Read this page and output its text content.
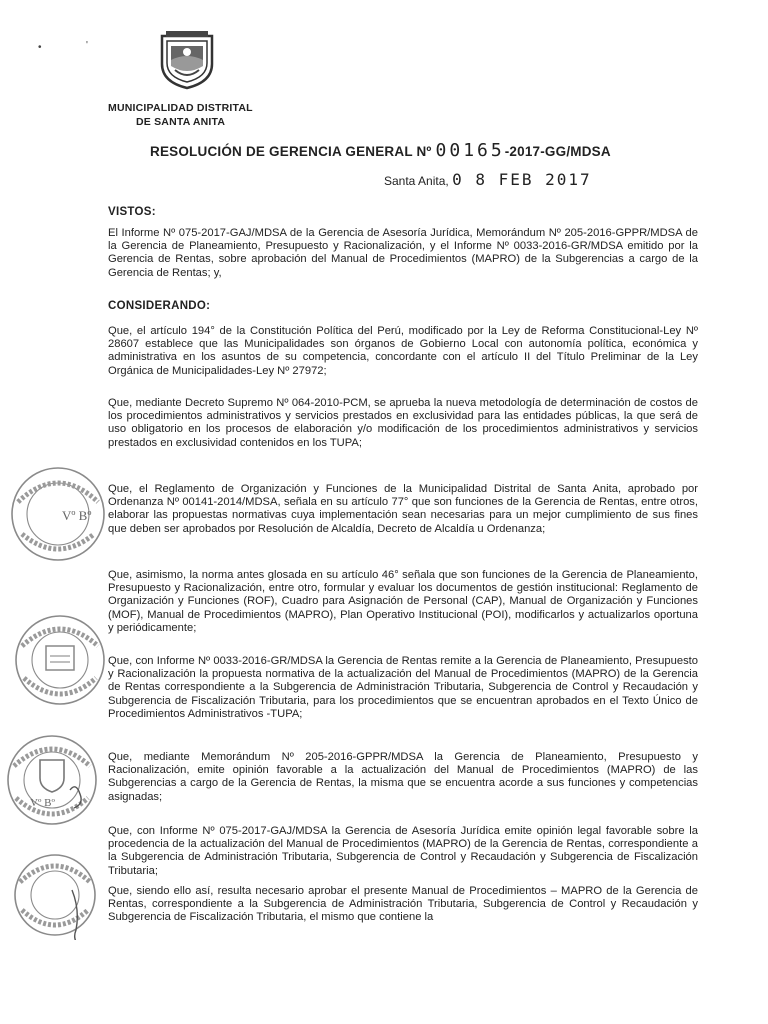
•	'
MUNICIPALIDAD DISTRITAL
DE SANTA ANITA
RESOLUCIÓN DE GERENCIA GENERAL Nº 00165-2017-GG/MDSA
Santa Anita, 0 8 FEB 2017
VISTOS:
El Informe Nº 075-2017-GAJ/MDSA de la Gerencia de Asesoría Jurídica, Memorándum Nº 205-2016-GPPR/MDSA de la Gerencia de Planeamiento, Presupuesto y Racionalización, y el Informe Nº 0033-2016-GR/MDSA emitido por la Gerencia de Rentas, sobre aprobación del Manual de Procedimientos (MAPRO) de la Subgerencias a cargo de la Gerencia de Rentas; y,
CONSIDERANDO:
Que, el artículo 194° de la Constitución Política del Perú, modificado por la Ley de Reforma Constitucional-Ley Nº 28607 establece que las Municipalidades son órganos de Gobierno Local con autonomía política, económica y administrativa en los asuntos de su competencia, concordante con el artículo II del Título Preliminar de la Ley Orgánica de Municipalidades-Ley Nº 27972;
Que, mediante Decreto Supremo Nº 064-2010-PCM, se aprueba la nueva metodología de determinación de costos de los procedimientos administrativos y servicios prestados en exclusividad para las entidades públicas, la que será de uso obligatorio en los procesos de elaboración y/o modificación de los procedimientos administrativos y servicios prestados en exclusividad contenidos en los TUPA;
Que, el Reglamento de Organización y Funciones de la Municipalidad Distrital de Santa Anita, aprobado por Ordenanza Nº 00141-2014/MDSA, señala en su artículo 77° que son funciones de la Gerencia de Rentas, entre otros, elaborar las propuestas normativas cuya implementación sean necesarias para un mejor cumplimiento de sus fines que deben ser aprobados por Resolución de Alcaldía, Decreto de Alcaldía u Ordenanza;
Que, asimismo, la norma antes glosada en su artículo 46° señala que son funciones de la Gerencia de Planeamiento, Presupuesto y Racionalización, entre otro, formular y evaluar los documentos de gestión institucional: Reglamento de Organización y Funciones (ROF), Cuadro para Asignación de Personal (CAP), Manual de Organización y Funciones (MOF), Manual de Procedimientos (MAPRO), Plan Operativo Institucional (POI), modificarlos y actualizarlos oportuna y periódicamente;
Que, con Informe Nº 0033-2016-GR/MDSA la Gerencia de Rentas remite a la Gerencia de Planeamiento, Presupuesto y Racionalización la propuesta normativa de la actualización del Manual de Procedimientos (MAPRO) de la Gerencia de Rentas correspondiente a la Subgerencia de Administración Tributaria, Subgerencia de Control y Recaudación y Subgerencia de Fiscalización Tributaria, para los procedimientos que se encuentran aprobados en el Texto Único de Procedimientos Administrativos -TUPA;
Que, mediante Memorándum Nº 205-2016-GPPR/MDSA la Gerencia de Planeamiento, Presupuesto y Racionalización, emite opinión favorable a la actualización del Manual de Procedimientos (MAPRO) de las Subgerencias a cargo de la Gerencia de Rentas, la misma que se encuentra acorde a sus funciones y competencias asignadas;
Que, con Informe Nº 075-2017-GAJ/MDSA la Gerencia de Asesoría Jurídica emite opinión legal favorable sobre la procedencia de la actualización del Manual de Procedimientos (MAPRO) de la Gerencia de Rentas, correspondiente a la Subgerencia de Administración Tributaria, Subgerencia de Control y Recaudación y Subgerencia de Fiscalización Tributaria;
Que, siendo ello así, resulta necesario aprobar el presente Manual de Procedimientos – MAPRO de la Gerencia de Rentas, correspondiente a la Subgerencia de Administración Tributaria, Subgerencia de Control y Recaudación y Subgerencia de Fiscalización Tributaria, el mismo que contiene la
Vº Bº
Vº Bº
